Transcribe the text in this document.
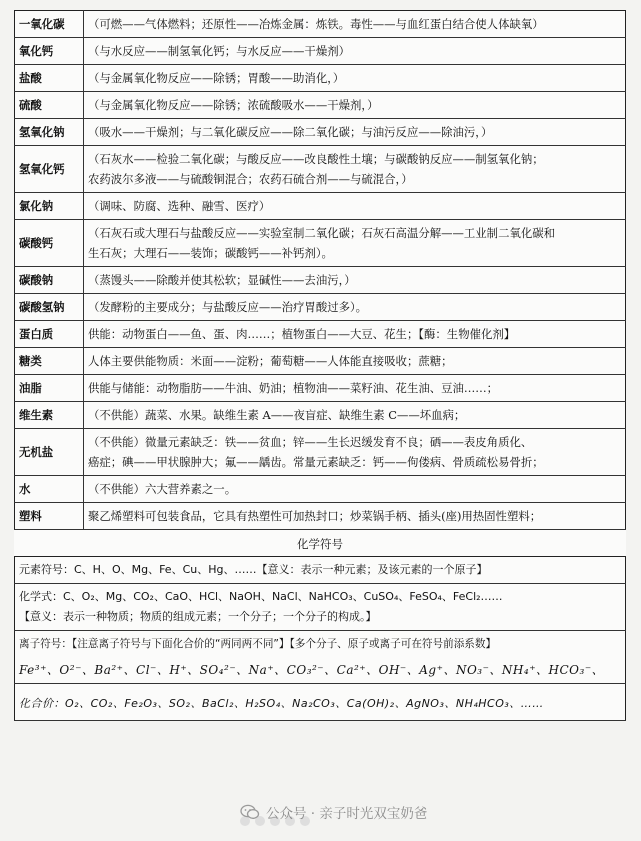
一氧化碳	（可燃——气体燃料；还原性——冶炼金属：炼铁。毒性——与血红蛋白结合使人体缺氧）

氧化钙	（与水反应——制氢氧化钙；与水反应——干燥剂）

盐酸	（与金属氧化物反应——除锈；胃酸——助消化，）

硫酸	（与金属氧化物反应——除锈；浓硫酸吸水——干燥剂，）

氢氧化钠	（吸水——干燥剂；与二氧化碳反应——除二氧化碳；与油污反应——除油污，）

氢氧化钙	（石灰水——检验二氧化碳；与酸反应——改良酸性土壤；与碳酸钠反应——制氢氧化钠；
农药波尔多液——与硫酸铜混合；农药石硫合剂——与硫混合，）

氯化钠	（调味、防腐、选种、融雪、医疗）

碳酸钙	（石灰石或大理石与盐酸反应——实验室制二氧化碳；石灰石高温分解——工业制二氧化碳和
生石灰；大理石——装饰；碳酸钙——补钙剂）。

碳酸钠	（蒸馒头——除酸并使其松软；显碱性——去油污，）

碳酸氢钠	（发酵粉的主要成分；与盐酸反应——治疗胃酸过多）。

蛋白质	供能：动物蛋白——鱼、蛋、肉……；植物蛋白——大豆、花生；【酶：生物催化剂】

糖类	人体主要供能物质：米面——淀粉；葡萄糖——人体能直接吸收；蔗糖；

油脂	供能与储能：动物脂肪——牛油、奶油；植物油——菜籽油、花生油、豆油……；

维生素	（不供能）蔬菜、水果。缺维生素 A——夜盲症、缺维生素 C——坏血病；

无机盐	（不供能）微量元素缺乏：铁——贫血；锌——生长迟缓发育不良；硒——表皮角质化、
癌症；碘——甲状腺肿大；氟——龋齿。常量元素缺乏：钙——佝偻病、骨质疏松易骨折；

水	（不供能）六大营养素之一。

塑料	聚乙烯塑料可包装食品，它具有热塑性可加热封口；炒菜锅手柄、插头(座)用热固性塑料；
化学符号
元素符号：C、H、O、Mg、Fe、Cu、Hg、……【意义：表示一种元素；及该元素的一个原子】

化学式：C、O₂、Mg、CO₂、CaO、HCl、NaOH、NaCl、NaHCO₃、CuSO₄、FeSO₄、FeCl₂……
【意义：表示一种物质；物质的组成元素；一个分子；一个分子的构成。】

离子符号：【注意离子符号与下面化合价的“两同两不同”】【多个分子、原子或离子可在符号前添系数】
Fe³⁺、O²⁻、Ba²⁺、Cl⁻、H⁺、SO₄²⁻、Na⁺、CO₃²⁻、Ca²⁺、OH⁻、Ag⁺、NO₃⁻、NH₄⁺、HCO₃⁻、

化合价：O₂、CO₂、Fe₂O₃、SO₂、BaCl₂、H₂SO₄、Na₂CO₃、Ca(OH)₂、AgNO₃、NH₄HCO₃、……
公众号 · 亲子时光双宝奶爸
